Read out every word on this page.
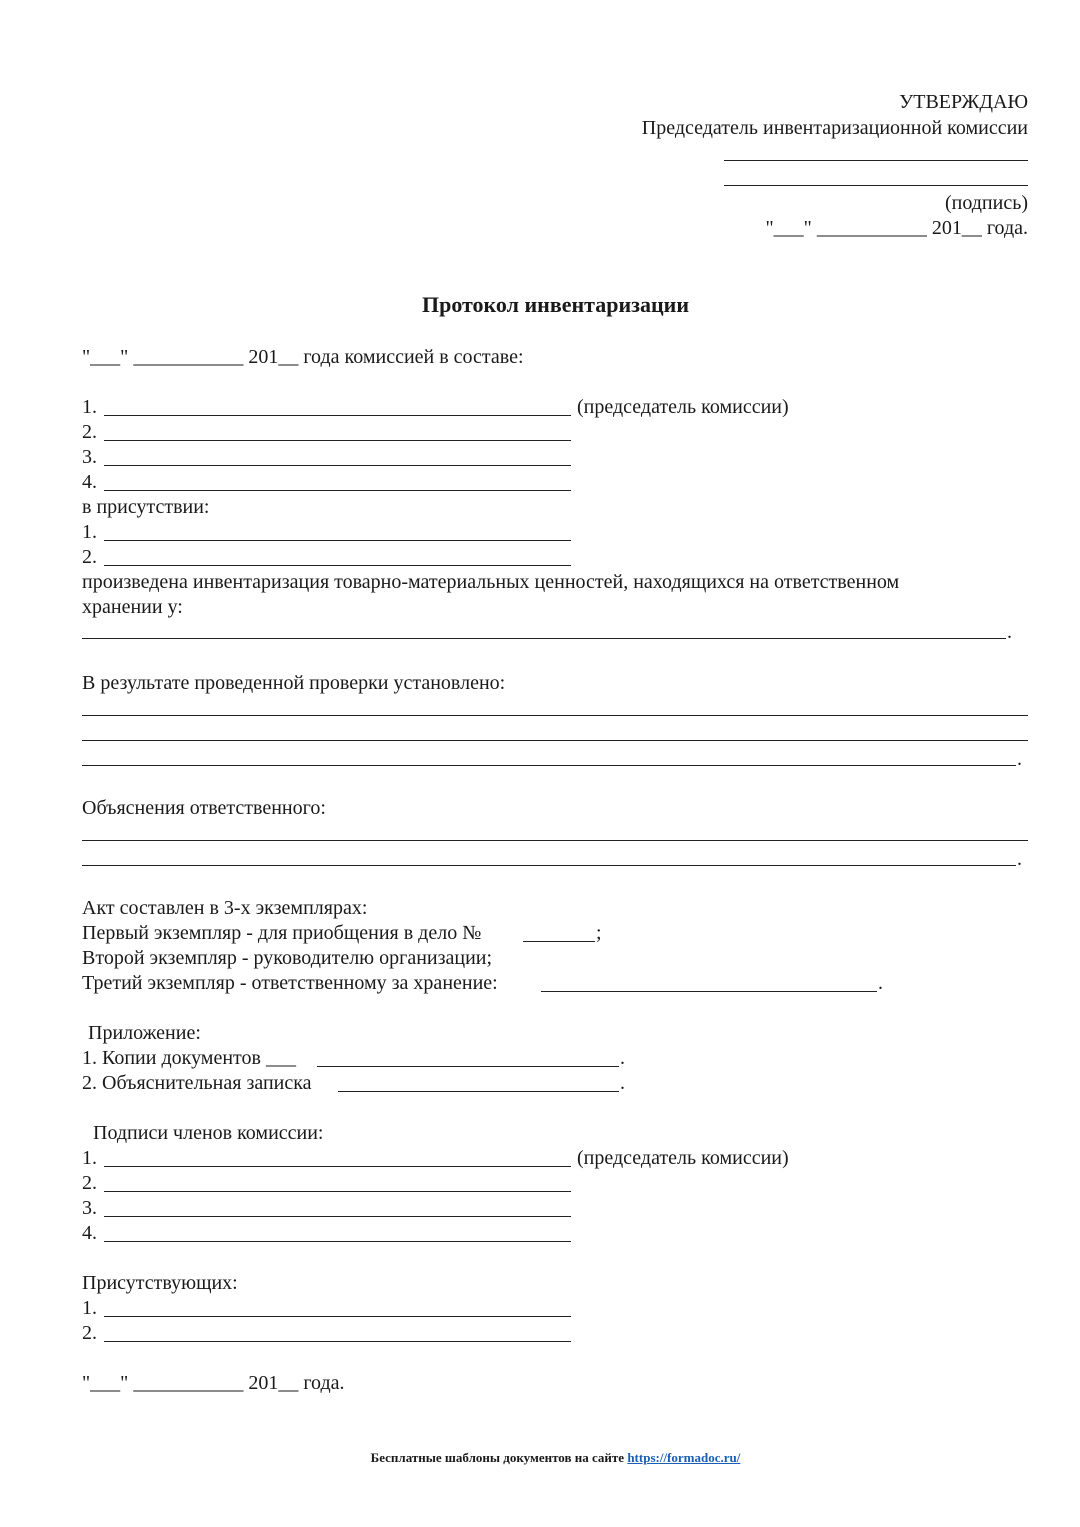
УТВЕРЖДАЮ
Председатель инвентаризационной комиссии
(подпись)
"___" ___________ 201__ года.
Протокол инвентаризации
"___" ___________ 201__ года комиссией в составе:
1.	(председатель комиссии)
2.
3.
4.
в присутствии:
1.
2.
произведена инвентаризация товарно-материальных ценностей, находящихся на ответственном
хранении у:
.
В результате проведенной проверки установлено:
.
Объяснения ответственного:
.
Акт составлен в 3-х экземплярах:
Первый экземпляр - для приобщения в дело №	;
Второй экземпляр - руководителю организации;
Третий экземпляр - ответственному за хранение:	.
Приложение:
1. Копии документов ___	.
2. Объяснительная записка	.
Подписи членов комиссии:
1.	(председатель комиссии)
2.
3.
4.
Присутствующих:
1.
2.
"___" ___________ 201__ года.
Бесплатные шаблоны документов на сайте https://formadoc.ru/
